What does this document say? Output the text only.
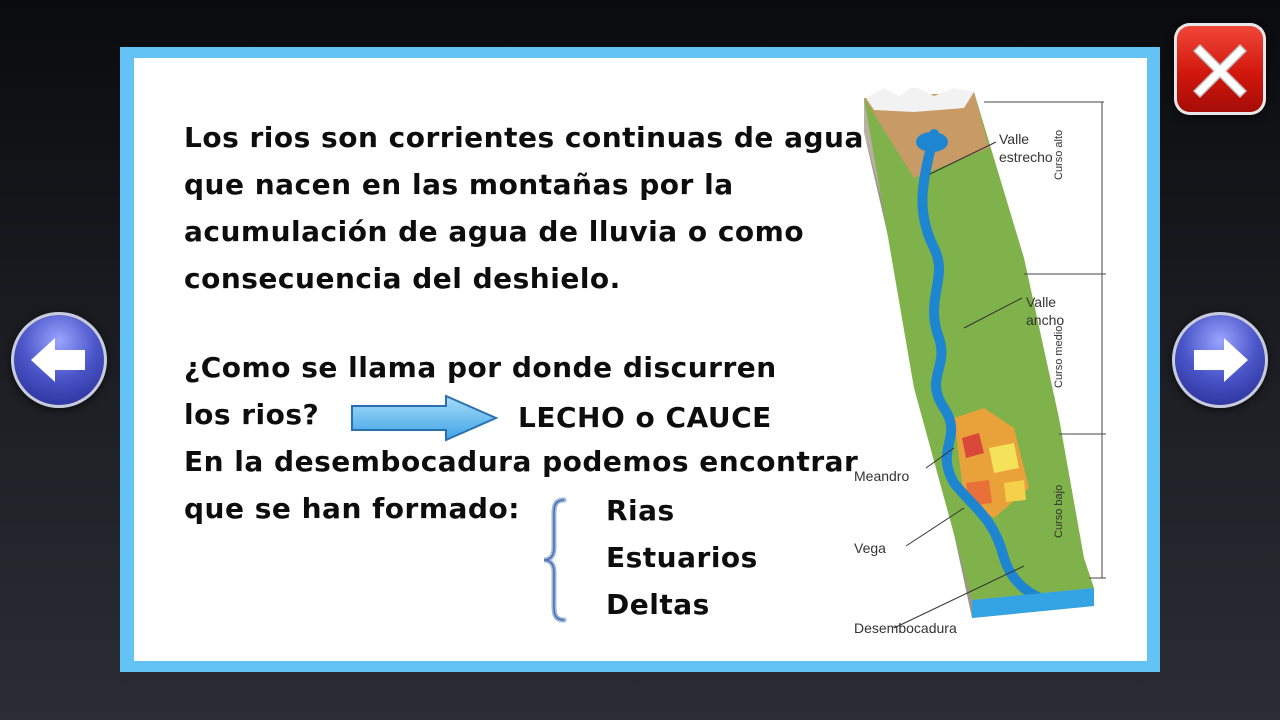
Los rios son corrientes continuas de agua
que nacen en las montañas por la
acumulación de agua de lluvia o como
consecuencia del deshielo.
¿Como se llama por donde discurren
los rios?
En la desembocadura podemos encontrar
que se han formado:
LECHO o CAUCE
Rias
Estuarios
Deltas
Valle
estrecho
Valle
ancho
Meandro
Vega
Desembocadura
Curso alto
Curso medio
Curso bajo
